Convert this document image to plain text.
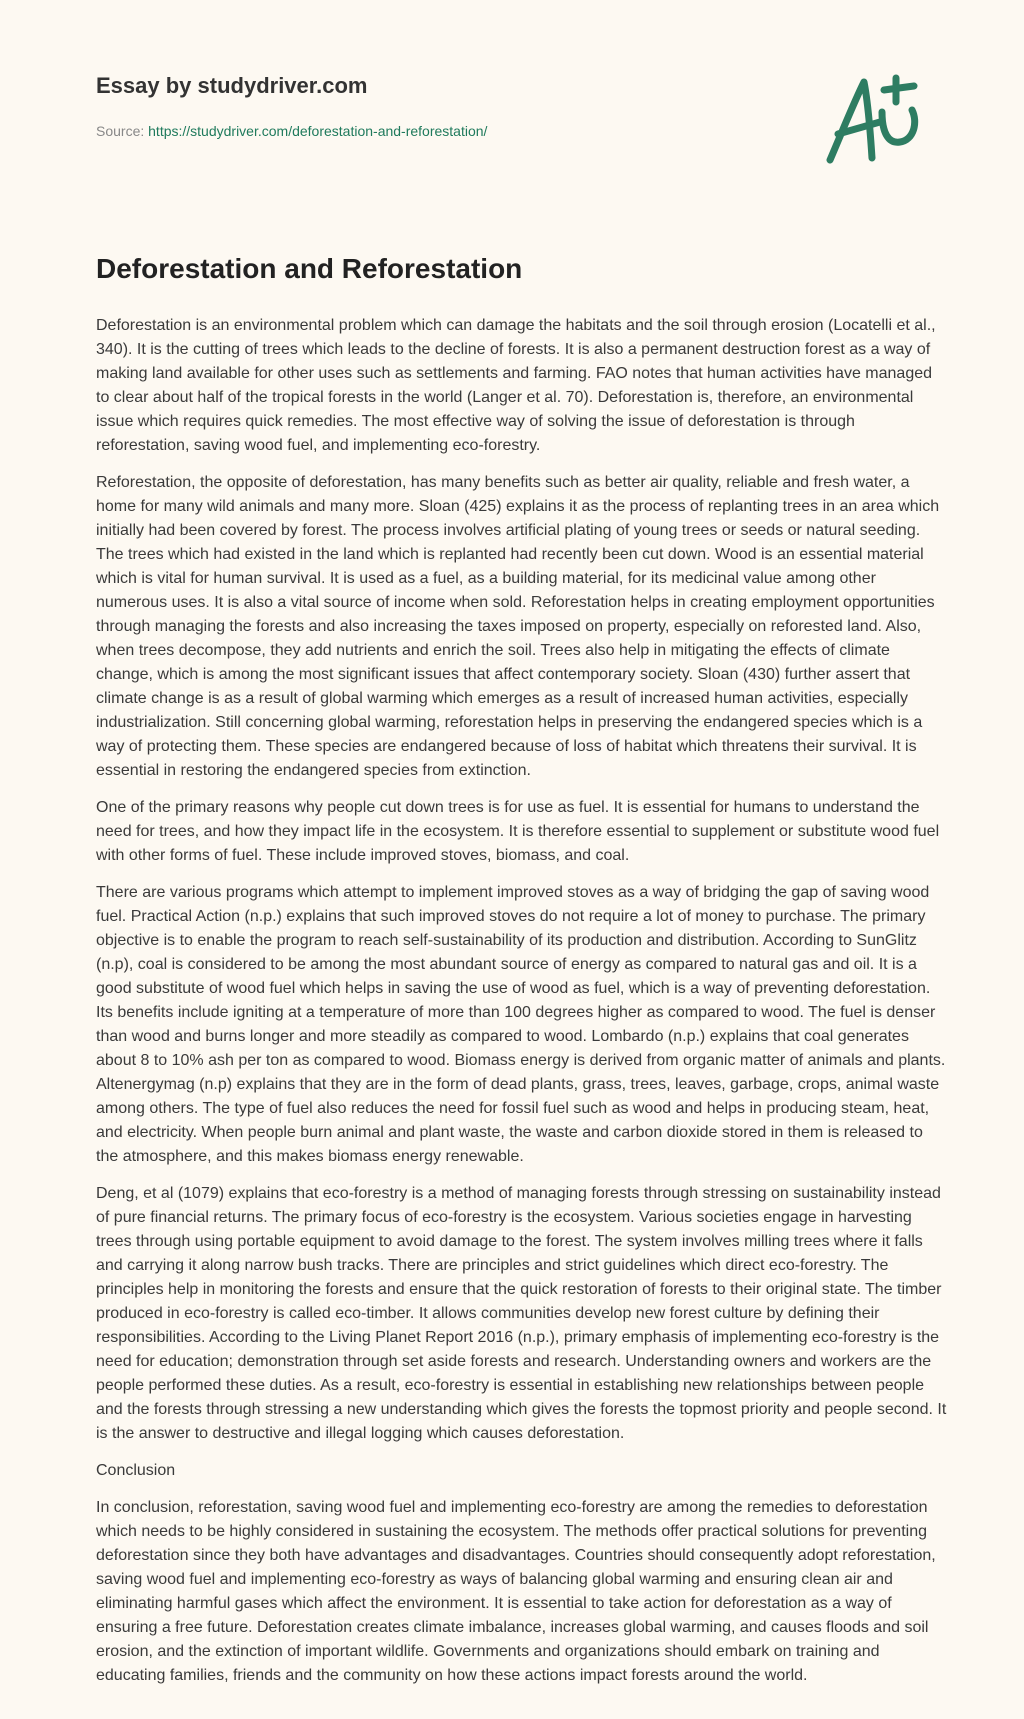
Essay by studydriver.com
Source: https://studydriver.com/deforestation-and-reforestation/
Deforestation and Reforestation

Deforestation is an environmental problem which can damage the habitats and the soil through erosion (Locatelli et al., 340). It is the cutting of trees which leads to the decline of forests. It is also a permanent destruction forest as a way of making land available for other uses such as settlements and farming. FAO notes that human activities have managed to clear about half of the tropical forests in the world (Langer et al. 70). Deforestation is, therefore, an environmental issue which requires quick remedies. The most effective way of solving the issue of deforestation is through reforestation, saving wood fuel, and implementing eco-forestry.

Reforestation, the opposite of deforestation, has many benefits such as better air quality, reliable and fresh water, a home for many wild animals and many more. Sloan (425) explains it as the process of replanting trees in an area which initially had been covered by forest. The process involves artificial plating of young trees or seeds or natural seeding. The trees which had existed in the land which is replanted had recently been cut down. Wood is an essential material which is vital for human survival. It is used as a fuel, as a building material, for its medicinal value among other numerous uses. It is also a vital source of income when sold. Reforestation helps in creating employment opportunities through managing the forests and also increasing the taxes imposed on property, especially on reforested land. Also, when trees decompose, they add nutrients and enrich the soil. Trees also help in mitigating the effects of climate change, which is among the most significant issues that affect contemporary society. Sloan (430) further assert that climate change is as a result of global warming which emerges as a result of increased human activities, especially industrialization. Still concerning global warming, reforestation helps in preserving the endangered species which is a way of protecting them. These species are endangered because of loss of habitat which threatens their survival. It is essential in restoring the endangered species from extinction.

One of the primary reasons why people cut down trees is for use as fuel. It is essential for humans to understand the need for trees, and how they impact life in the ecosystem. It is therefore essential to supplement or substitute wood fuel with other forms of fuel. These include improved stoves, biomass, and coal.

There are various programs which attempt to implement improved stoves as a way of bridging the gap of saving wood fuel. Practical Action (n.p.) explains that such improved stoves do not require a lot of money to purchase. The primary objective is to enable the program to reach self-sustainability of its production and distribution. According to SunGlitz (n.p), coal is considered to be among the most abundant source of energy as compared to natural gas and oil. It is a good substitute of wood fuel which helps in saving the use of wood as fuel, which is a way of preventing deforestation. Its benefits include igniting at a temperature of more than 100 degrees higher as compared to wood. The fuel is denser than wood and burns longer and more steadily as compared to wood. Lombardo (n.p.) explains that coal generates about 8 to 10% ash per ton as compared to wood. Biomass energy is derived from organic matter of animals and plants. Altenergymag (n.p) explains that they are in the form of dead plants, grass, trees, leaves, garbage, crops, animal waste among others. The type of fuel also reduces the need for fossil fuel such as wood and helps in producing steam, heat, and electricity. When people burn animal and plant waste, the waste and carbon dioxide stored in them is released to the atmosphere, and this makes biomass energy renewable.

Deng, et al (1079) explains that eco-forestry is a method of managing forests through stressing on sustainability instead of pure financial returns. The primary focus of eco-forestry is the ecosystem. Various societies engage in harvesting trees through using portable equipment to avoid damage to the forest. The system involves milling trees where it falls and carrying it along narrow bush tracks. There are principles and strict guidelines which direct eco-forestry. The principles help in monitoring the forests and ensure that the quick restoration of forests to their original state. The timber produced in eco-forestry is called eco-timber. It allows communities develop new forest culture by defining their responsibilities. According to the Living Planet Report 2016 (n.p.), primary emphasis of implementing eco-forestry is the need for education; demonstration through set aside forests and research. Understanding owners and workers are the people performed these duties. As a result, eco-forestry is essential in establishing new relationships between people and the forests through stressing a new understanding which gives the forests the topmost priority and people second. It is the answer to destructive and illegal logging which causes deforestation.

Conclusion

In conclusion, reforestation, saving wood fuel and implementing eco-forestry are among the remedies to deforestation which needs to be highly considered in sustaining the ecosystem. The methods offer practical solutions for preventing deforestation since they both have advantages and disadvantages. Countries should consequently adopt reforestation, saving wood fuel and implementing eco-forestry as ways of balancing global warming and ensuring clean air and eliminating harmful gases which affect the environment. It is essential to take action for deforestation as a way of ensuring a free future. Deforestation creates climate imbalance, increases global warming, and causes floods and soil erosion, and the extinction of important wildlife. Governments and organizations should embark on training and educating families, friends and the community on how these actions impact forests around the world.
